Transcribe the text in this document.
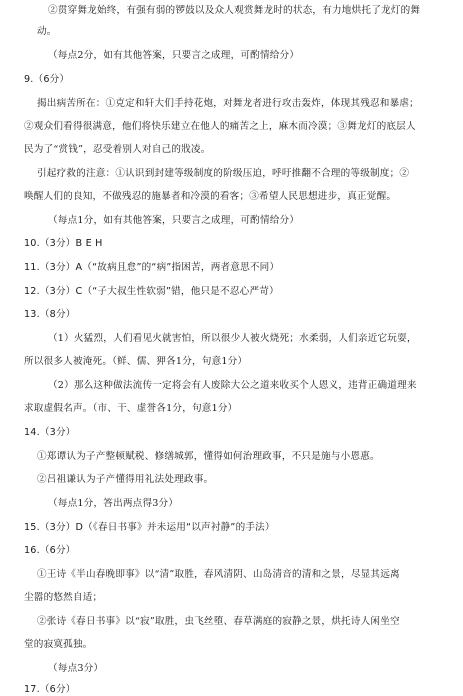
②贯穿舞龙始终，有强有弱的锣鼓以及众人观赏舞龙时的状态，有力地烘托了龙灯的舞
动。
（每点2分，如有其他答案，只要言之成理，可酌情给分）
9.（6分）
揭出病苦所在：①克定和轩大们手持花炮，对舞龙者进行攻击轰炸，体现其残忍和暴虐；
②观众们看得很满意，他们将快乐建立在他人的痛苦之上，麻木而冷漠；③舞龙灯的底层人
民为了“赏钱”，忍受着别人对自己的戕凌。
引起疗救的注意：①认识到封建等级制度的阶级压迫，呼吁推翻不合理的等级制度；②
唤醒人们的良知，不做残忍的施暴者和冷漠的看客；③希望人民思想进步，真正觉醒。
（每点1分，如有其他答案，只要言之成理，可酌情给分）
10.（3分）B E H
11.（3分）A（“故病且怠”的“病”指困苦，两者意思不同）
12.（3分）C（“子大叔生性软弱”错，他只是不忍心严苛）
13.（8分）
（1）火猛烈，人们看见火就害怕，所以很少人被火烧死；水柔弱，人们亲近它玩耍，
所以很多人被淹死。（鲜、儒、狎各1分，句意1分）
（2）那么这种做法流传一定将会有人废除大公之道来收买个人恩义，违背正确道理来
求取虚假名声。（市、干、虚誉各1分，句意1分）
14.（3分）
①郑谭认为子产整顿赋税、修缮城郭，懂得如何治理政事，不只是施与小恩惠。
②吕祖谦认为子产懂得用礼法处理政事。
（每点1分，答出两点得3分）
15.（3分）D（《春日书事》并未运用“以声衬静”的手法）
16.（6分）
①王诗《半山春晚即事》以“清”取胜，春风清阴、山岛清音的清和之景，尽显其远离
尘嚣的悠然自适；
②张诗《春日书事》以“寂”取胜，虫飞丝堕、春草满庭的寂静之景，烘托诗人闲坐空
堂的寂寞孤独。
（每点3分）
17.（6分）
